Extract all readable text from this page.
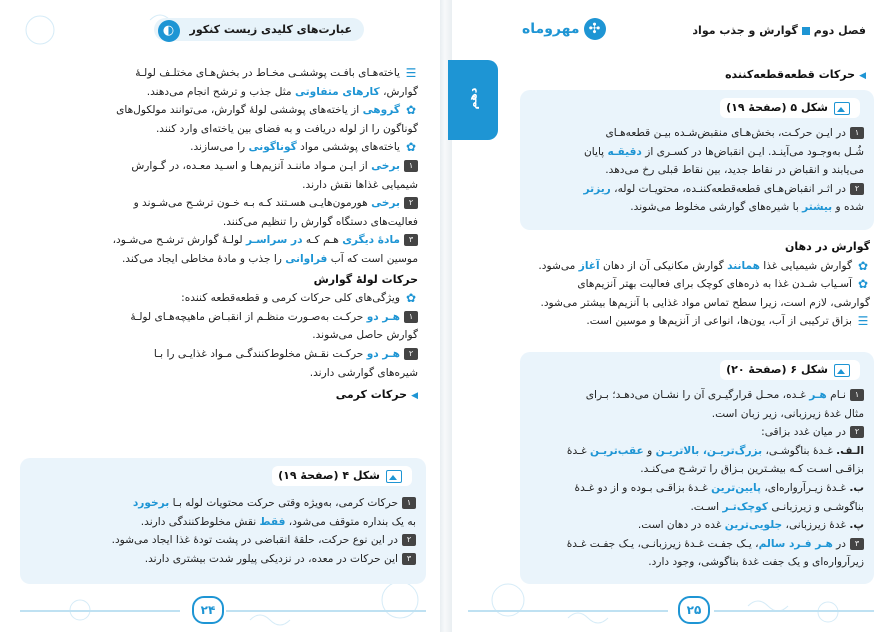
عبارت‌های کلیدی زیست کنکور
◐
☰یاخته‌هـای بافـت پوششـی مخـاط در بخش‌هـای مختلـف لولـهٔ
گوارش، کارهای متفاوتی مثل جذب و ترشح انجام می‌دهند.
✿گروهی از یاخته‌های پوششی لولهٔ گوارش، می‌توانند مولکول‌های
گوناگون را از لوله دریافت و به فضای بین یاخته‌ای وارد کنند.
✿یاخته‌های پوششی مواد گوناگونی را می‌سازند.
۱برخی از ایـن مـواد ماننـد آنزیم‌هـا و اسـید معـده، در گـوارش
شیمیایی غذاها نقش دارند.
۲برخی هورمون‌هایـی هسـتند کـه بـه خـون ترشـح می‌شـوند و
فعالیت‌های دستگاه گوارش را تنظیم می‌کنند.
۳مادهٔ دیگری هـم کـه در سراسـر لولـهٔ گوارش ترشـح می‌شـود،
موسین است که آب فراوانی را جذب و مادهٔ مخاطی ایجاد می‌کند.
حرکات لولهٔ گوارش
✿ویژگی‌های کلی حرکات کرمی و قطعه‌قطعه کننده:
۱هـر دو حرکـت به‌صـورت منظـم از انقبـاض ماهیچه‌هـای لولـهٔ
گوارش حاصل می‌شوند.
۲هـر دو حرکـت نقـش مخلوط‌کنندگـی مـواد غذایـی را بـا
شیره‌های گوارشی دارند.
◀حرکات کرمی
شکل ۴ (صفحهٔ ۱۹)
۱حرکات کرمی، به‌ویژه وقتی حرکت محتویات لوله بـا برخورد
به یک بنداره متوقف می‌شود، فقط نقش مخلوط‌کنندگی دارند.
۲در این نوع حرکت، حلقهٔ انقباضی در پشت تودهٔ غذا ایجاد می‌شود.
۳این حرکات در معده، در نزدیکی پیلور شدت بیشتری دارند.
۲۴
فصل دومگوارش و جذب مواد
✣مهروماه
◀حرکات قطعه‌قطعه‌کننده
شکل ۵ (صفحهٔ ۱۹)
۱در ایـن حرکـت، بخش‌هـای منقبض‌شـده بیـن قطعه‌هـای
شُـل به‌وجـود می‌آینـد. ایـن انقباض‌ها در کسـری از دقیقـه پایان
می‌یابند و انقباض در نقاط جدید، بین نقاط قبلی رخ می‌دهد.
۲در اثـر انقباض‌هـای قطعه‌قطعه‌کننـده، محتویـات لوله، ریزتر
شده و بیشتر با شیره‌های گوارشی مخلوط می‌شوند.
گوارش در دهان
✿گوارش شیمیایی غذا همانند گوارش مکانیکی آن از دهان آغاز می‌شود.
✿آسـیاب شـدن غذا به ذره‌های کوچک برای فعالیت بهتر آنزیم‌های
گوارشی، لازم است، زیرا سطح تماس مواد غذایی با آنزیم‌ها بیشتر می‌شود.
☰بزاق ترکیبی از آب، یون‌ها، انواعی از آنزیم‌ها و موسین است.
شکل ۶ (صفحهٔ ۲۰)
۱نـام هـر غـده، محـل قرارگیـری آن را نشـان می‌دهـد؛ بـرای
مثال غدهٔ زیرزبانی، زیر زبان است.
۲در میان غدد بزاقی:
الـف. غـدهٔ بناگوشـی، بزرگ‌تریـن، بالاتریـن و عقب‌تریـن غـدهٔ
بزاقـی اسـت کـه بیشـترین بـزاق را ترشـح می‌کنـد.
ب. غـدهٔ زیـرآرواره‌ای، پایین‌ترین غـدهٔ بزاقـی بـوده و از دو غـدهٔ
بناگوشـی و زیرزبانـی کوچک‌تـر اسـت.
پ. غدهٔ زیرزبانی، جلویی‌ترین غده در دهان است.
۳در هـر فـرد سالم، یـک جفـت غـدهٔ زیرزبانـی، یـک جفـت غـدهٔ
زیرآرواره‌ای و یک جفت غدهٔ بناگوشی، وجود دارد.
۲۵
دهم
